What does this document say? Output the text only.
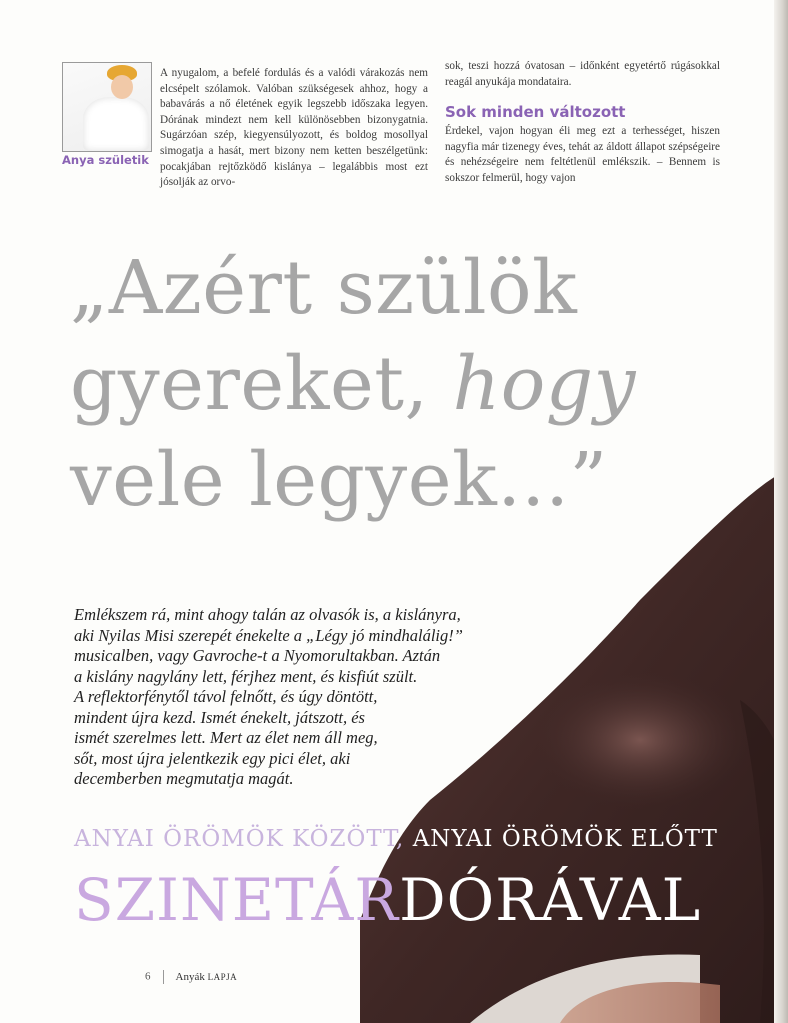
Anya születik
A nyugalom, a befelé fordulás és a valódi várakozás nem elcsépelt szólamok. Valóban szükségesek ahhoz, hogy a babavárás a nő életének egyik legszebb időszaka legyen. Dórának mindezt nem kell különösebben bizonygatnia. Sugárzóan szép, kiegyensúlyozott, és boldog mosollyal simogatja a hasát, mert bizony nem ketten beszélgetünk: pocakjában rejtőzködő kislánya – legalábbis most ezt jósolják az orvo-
sok, teszi hozzá óvatosan – időnként egyetértő rúgásokkal reagál anyukája mondataira.
Sok minden változott
Érdekel, vajon hogyan éli meg ezt a terhességet, hiszen nagyfia már tizenegy éves, tehát az áldott állapot szépségeire és nehézségeire nem feltétlenül emlékszik. – Bennem is sokszor felmerül, hogy vajon
„Azért szülök
gyereket, hogy
vele legyek...”
Emlékszem rá, mint ahogy talán az olvasók is, a kislányra,
aki Nyilas Misi szerepét énekelte a „Légy jó mindhalálig!”
musicalben, vagy Gavroche-t a Nyomorultakban. Aztán
a kislány nagylány lett, férjhez ment, és kisfiút szült.
A reflektorfénytől távol felnőtt, és úgy döntött,
mindent újra kezd. Ismét énekelt, játszott, és
ismét szerelmes lett. Mert az élet nem áll meg,
sőt, most újra jelentkezik egy pici élet, aki
decemberben megmutatja magát.
ANYAI ÖRÖMÖK KÖZÖTT, ANYAI ÖRÖMÖK ELŐTT
SZINETÁRDÓRÁVAL
6 Anyák LAPJA
